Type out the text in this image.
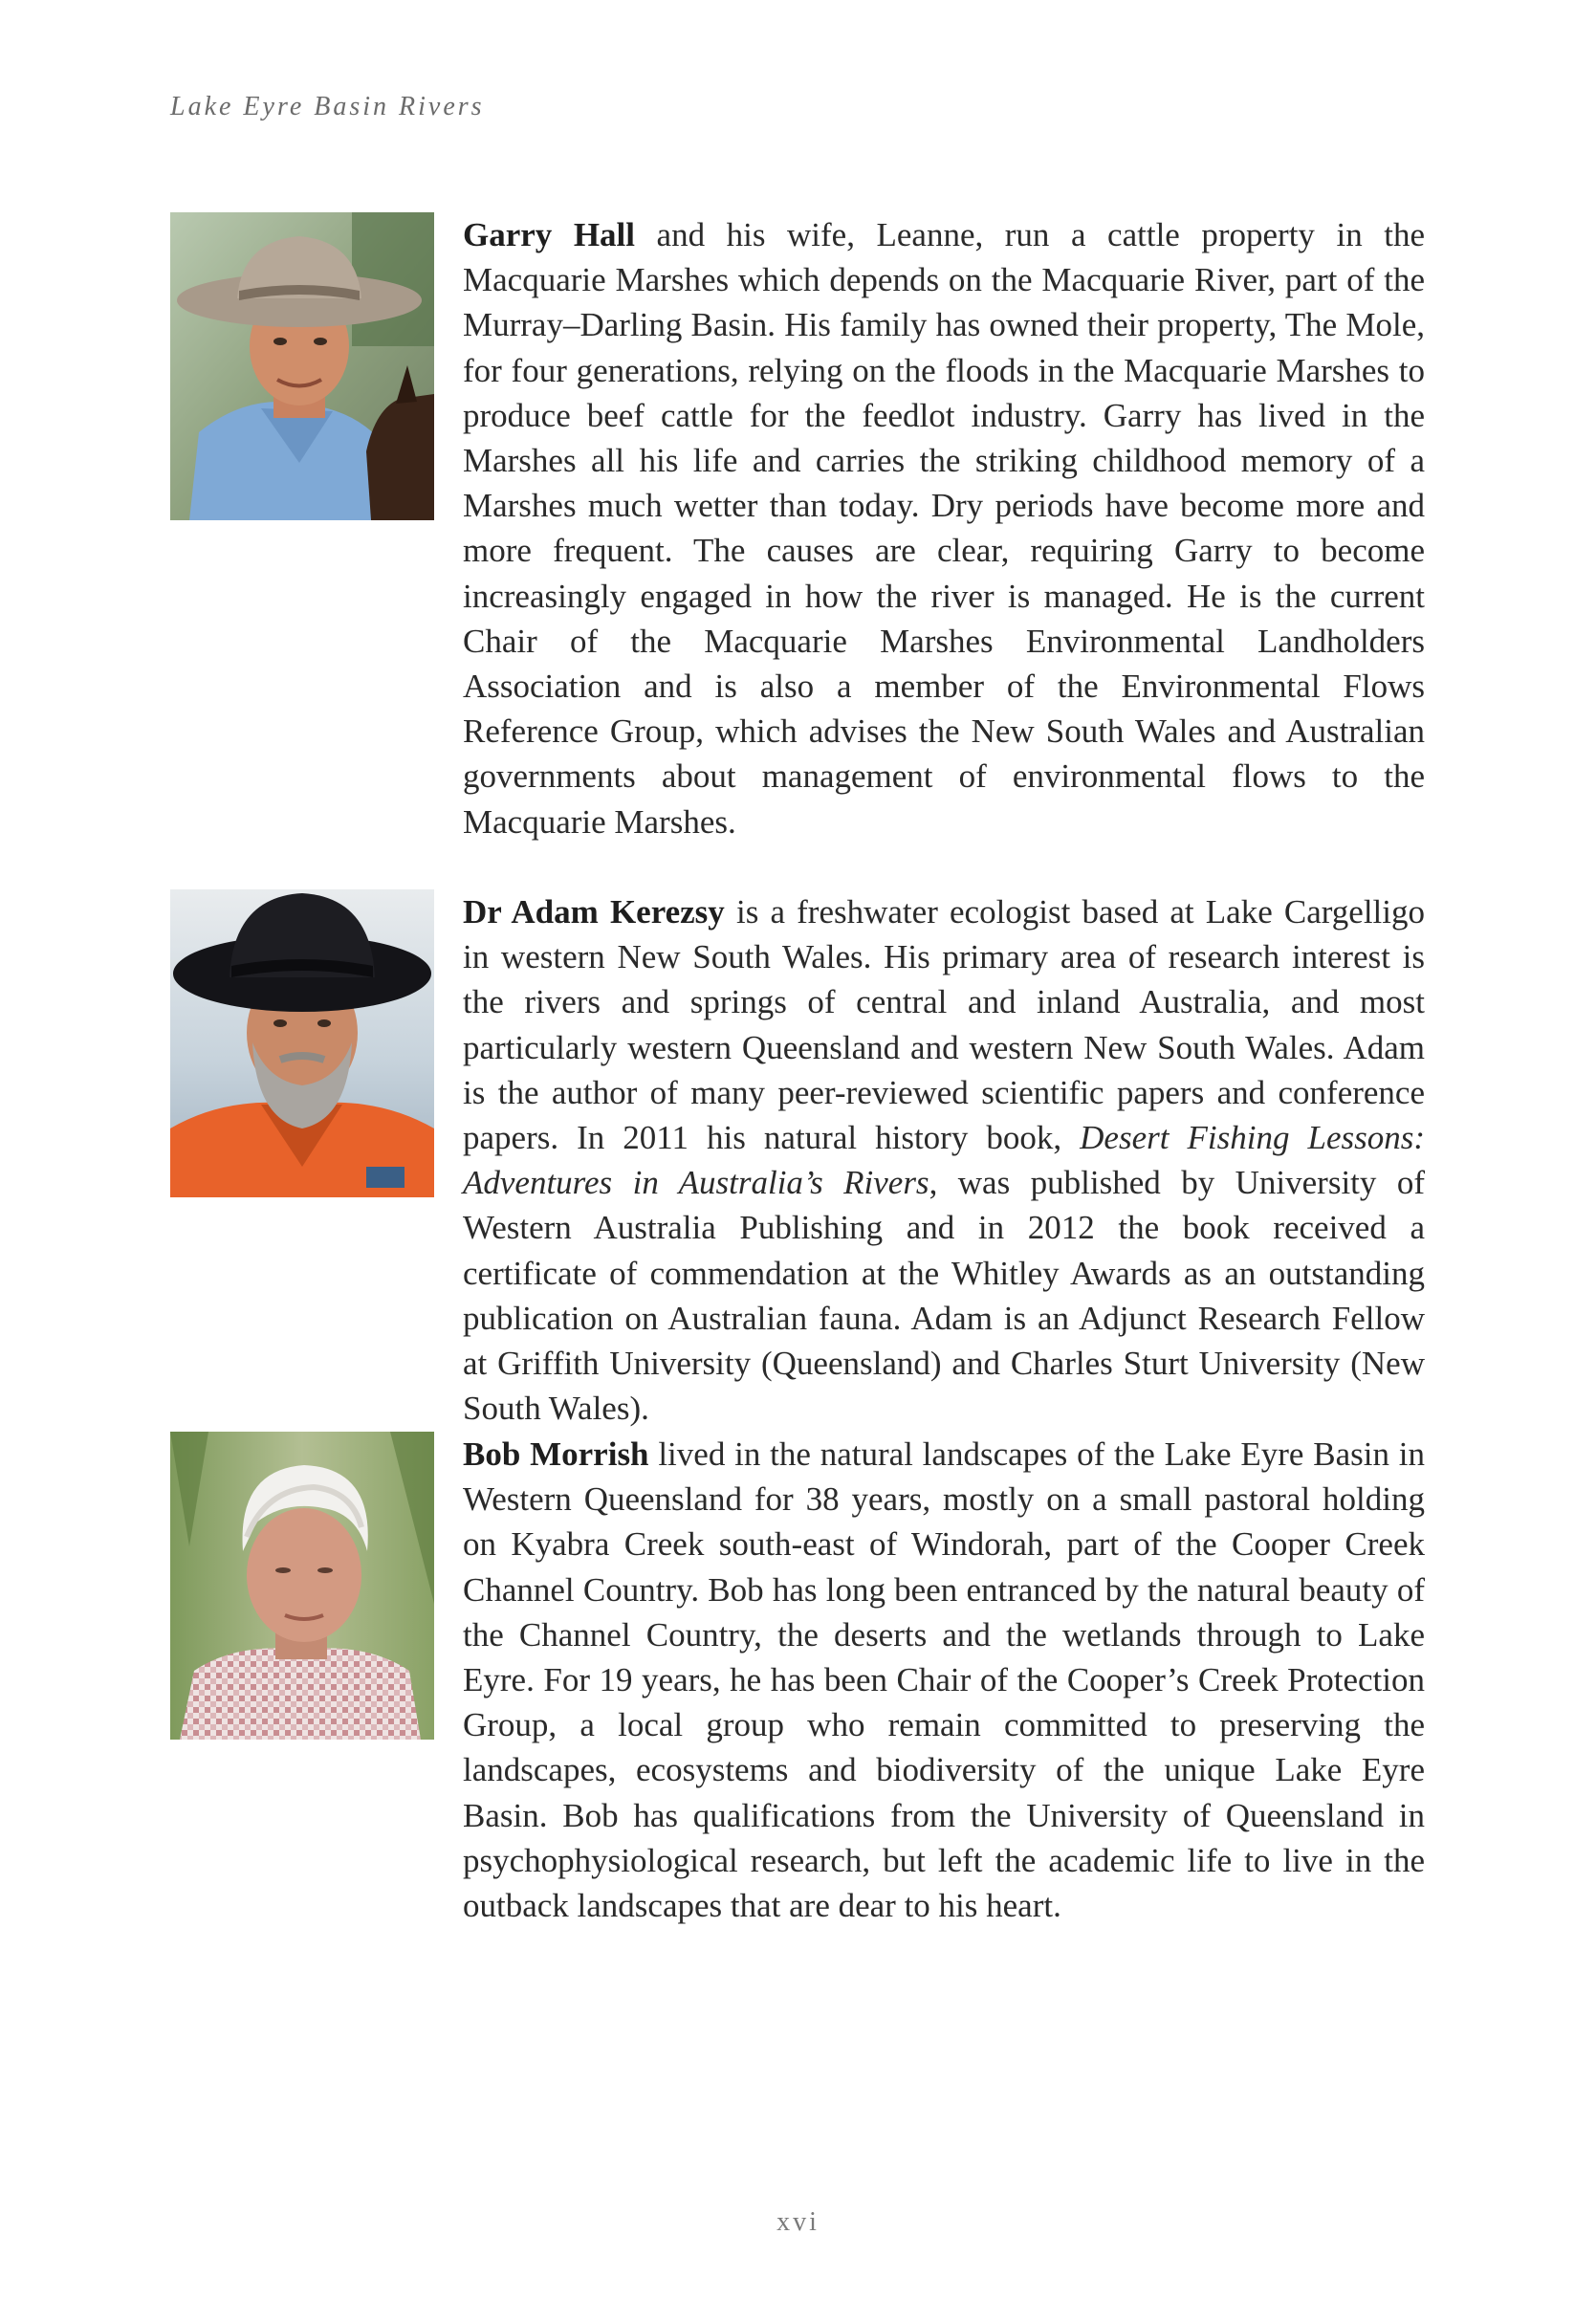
Lake Eyre Basin Rivers

Garry Hall and his wife, Leanne, run a cattle property in the Macquarie Marshes which depends on the Macquarie River, part of the Murray–Darling Basin. His family has owned their property, The Mole, for four generations, relying on the floods in the Macquarie Marshes to produce beef cattle for the feedlot industry. Garry has lived in the Marshes all his life and carries the striking childhood memory of a Marshes much wetter than today. Dry periods have become more and more frequent. The causes are clear, requiring Garry to become increasingly engaged in how the river is managed. He is the current Chair of the Macquarie Marshes Environmental Landholders Association and is also a member of the Environmental Flows Reference Group, which advises the New South Wales and Australian governments about management of environmental flows to the Macquarie Marshes.

Dr Adam Kerezsy is a freshwater ecologist based at Lake Cargelligo in western New South Wales. His primary area of research interest is the rivers and springs of central and inland Australia, and most particularly western Queensland and western New South Wales. Adam is the author of many peer-reviewed scientific papers and conference papers. In 2011 his natural history book, Desert Fishing Lessons: Adventures in Australia’s Rivers, was published by University of Western Australia Publishing and in 2012 the book received a certificate of commendation at the Whitley Awards as an outstanding publication on Australian fauna. Adam is an Adjunct Research Fellow at Griffith University (Queensland) and Charles Sturt University (New South Wales).

Bob Morrish lived in the natural landscapes of the Lake Eyre Basin in Western Queensland for 38 years, mostly on a small pastoral holding on Kyabra Creek south-east of Windorah, part of the Cooper Creek Channel Country. Bob has long been entranced by the natural beauty of the Channel Country, the deserts and the wetlands through to Lake Eyre. For 19 years, he has been Chair of the Cooper’s Creek Protection Group, a local group who remain committed to preserving the landscapes, ecosystems and biodiversity of the unique Lake Eyre Basin. Bob has qualifications from the University of Queensland in psychophysiological research, but left the academic life to live in the outback landscapes that are dear to his heart.

xvi
